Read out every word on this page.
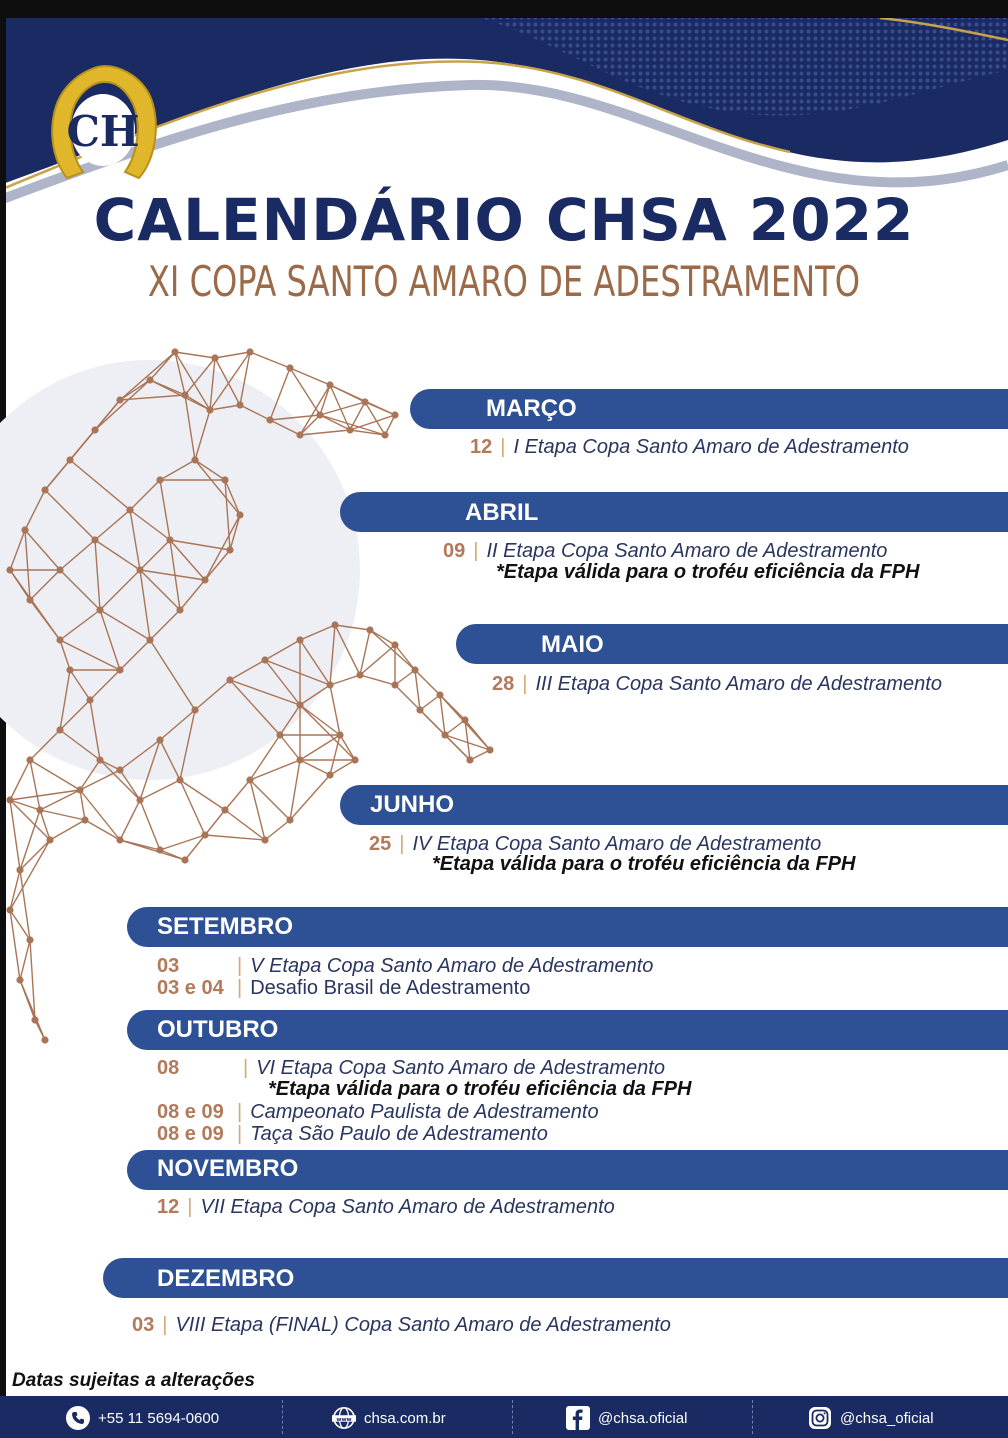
CH
CALENDÁRIO CHSA 2022
XI COPA SANTO AMARO DE ADESTRAMENTO
MARÇO
12 | I Etapa Copa Santo Amaro de Adestramento
ABRIL
09 | II Etapa Copa Santo Amaro de Adestramento
*Etapa válida para o troféu eficiência da FPH
MAIO
28 | III Etapa Copa Santo Amaro de Adestramento
JUNHO
25 | IV Etapa Copa Santo Amaro de Adestramento
*Etapa válida para o troféu eficiência da FPH
SETEMBRO
03	| V Etapa Copa Santo Amaro de Adestramento
03 e 04 | Desafio Brasil de Adestramento
OUTUBRO
08	| VI Etapa Copa Santo Amaro de Adestramento
*Etapa válida para o troféu eficiência da FPH
08 e 09 | Campeonato Paulista de Adestramento
08 e 09 | Taça São Paulo de Adestramento
NOVEMBRO
12 | VII Etapa Copa Santo Amaro de Adestramento
DEZEMBRO
03 | VIII Etapa (FINAL) Copa Santo Amaro de Adestramento
Datas sujeitas a alterações
+55 11 5694-0600	www chsa.com.br	@chsa.oficial	@chsa_oficial
